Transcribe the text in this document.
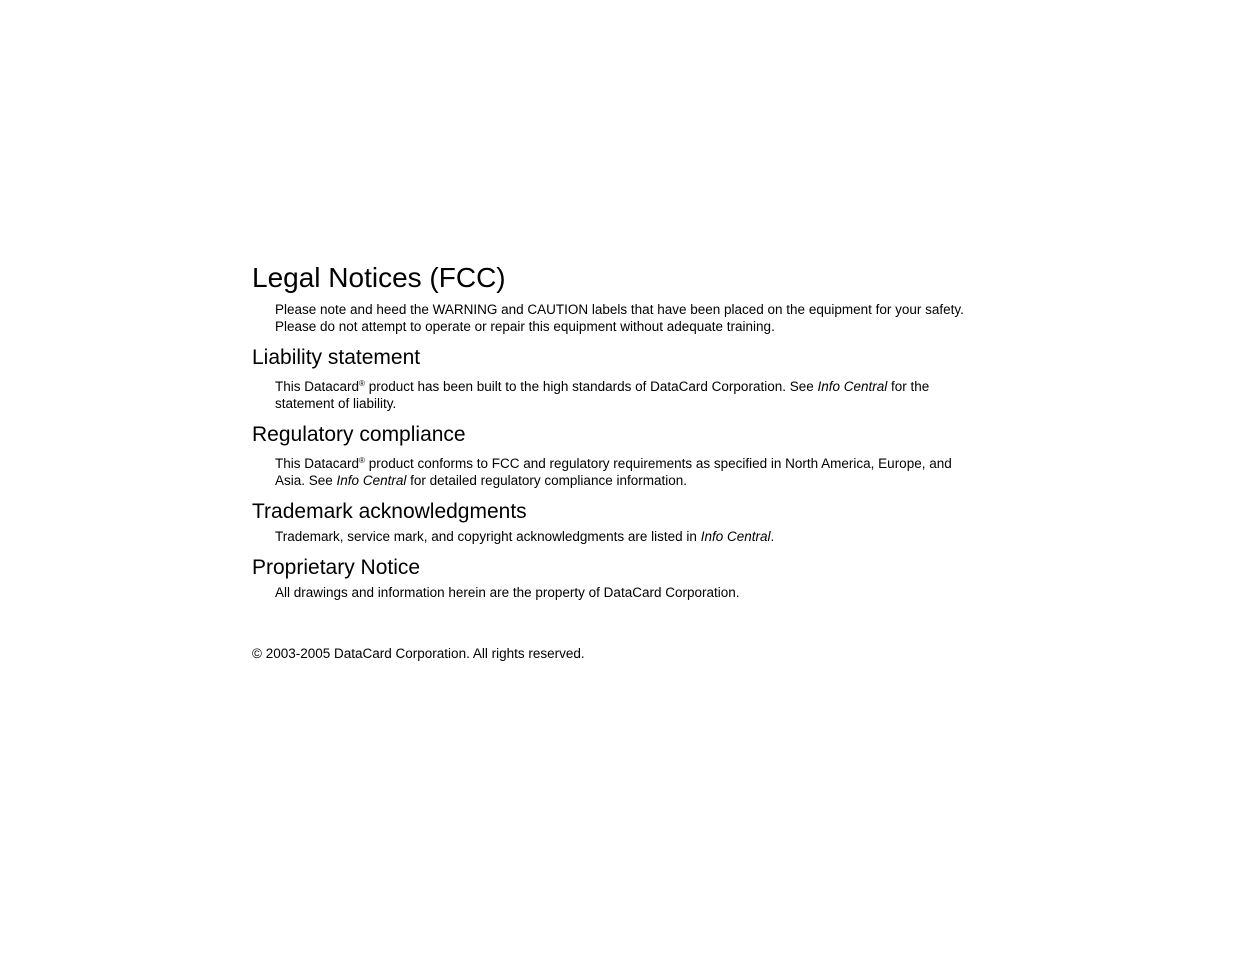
Legal Notices (FCC)

Please note and heed the WARNING and CAUTION labels that have been placed on the equipment for your safety. Please do not attempt to operate or repair this equipment without adequate training.

Liability statement

This Datacard® product has been built to the high standards of DataCard Corporation. See Info Central for the statement of liability.

Regulatory compliance

This Datacard® product conforms to FCC and regulatory requirements as specified in North America, Europe, and Asia. See Info Central for detailed regulatory compliance information.

Trademark acknowledgments

Trademark, service mark, and copyright acknowledgments are listed in Info Central.

Proprietary Notice

All drawings and information herein are the property of DataCard Corporation.

© 2003-2005 DataCard Corporation. All rights reserved.
